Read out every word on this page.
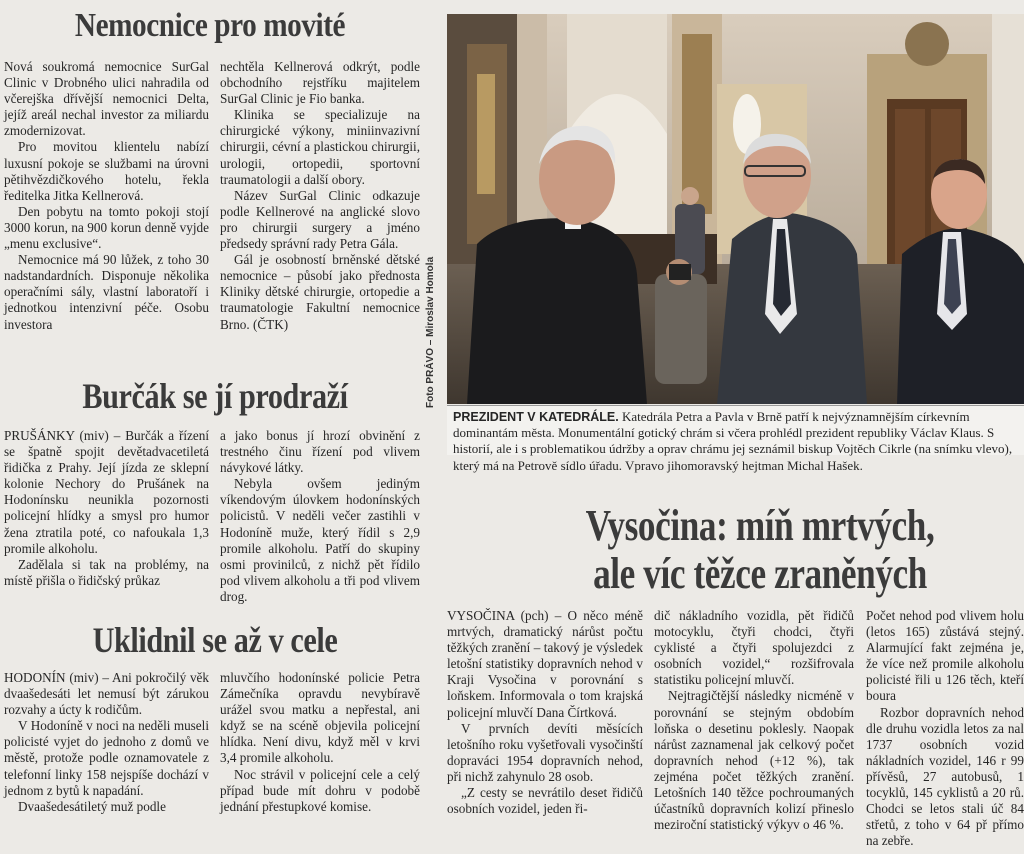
Nemocnice pro movité

Nová soukromá nemocnice SurGal Clinic v Drobného ulici nahradila od včerejška dřívější nemocnici Delta, jejíž areál nechal investor za miliardu zmodernizovat.

Pro movitou klientelu nabízí luxusní pokoje se službami na úrovni pětihvězdičkového hotelu, řekla ředitelka Jitka Kellnerová.

Den pobytu na tomto pokoji stojí 3000 korun, na 900 korun denně vyjde „menu exclusive“.

Nemocnice má 90 lůžek, z toho 30 nadstandardních. Disponuje několika operačními sály, vlastní laboratoří i jednotkou intenzivní péče. Osobu investora

nechtěla Kellnerová odkrýt, podle obchodního rejstříku majitelem SurGal Clinic je Fio banka.

Klinika se specializuje na chirurgické výkony, miniinvazivní chirurgii, cévní a plastickou chirurgii, urologii, ortopedii, sportovní traumatologii a další obory.

Název SurGal Clinic odkazuje podle Kellnerové na anglické slovo pro chirurgii surgery a jméno předsedy správní rady Petra Gála.

Gál je osobností brněnské dětské nemocnice – působí jako přednosta Kliniky dětské chirurgie, ortopedie a traumatologie Fakultní nemocnice Brno. (ČTK)

Burčák se jí prodraží

PRUŠÁNKY (miv) – Burčák a řízení se špatně spojit devětadvacetiletá řidička z Prahy. Její jízda ze sklepní kolonie Nechory do Prušánek na Hodonínsku neunikla pozornosti policejní hlídky a smysl pro humor žena ztratila poté, co nafoukala 1,3 promile alkoholu.

Zadělala si tak na problémy, na místě přišla o řidičský průkaz

a jako bonus jí hrozí obvinění z trestného činu řízení pod vlivem návykové látky.

Nebyla ovšem jediným víkendovým úlovkem hodonínských policistů. V neděli večer zastihli v Hodoníně muže, který řídil s 2,9 promile alkoholu. Patří do skupiny osmi provinilců, z nichž pět řídilo pod vlivem alkoholu a tři pod vlivem drog.

Uklidnil se až v cele

HODONÍN (miv) – Ani pokročilý věk dvaašedesáti let nemusí být zárukou rozvahy a úcty k rodičům.

V Hodoníně v noci na neděli museli policisté vyjet do jednoho z domů ve městě, protože podle oznamovatele z telefonní linky 158 nejspíše dochází v jednom z bytů k napadání.

Dvaašedesátiletý muž podle

mluvčího hodonínské policie Petra Zámečníka opravdu nevybíravě urážel svou matku a nepřestal, ani když se na scéně objevila policejní hlídka. Není divu, když měl v krvi 3,4 promile alkoholu.

Noc strávil v policejní cele a celý případ bude mít dohru v podobě jednání přestupkové komise.

Foto PRÁVO – Miroslav Homola
PREZIDENT V KATEDRÁLE. Katedrála Petra a Pavla v Brně patří k nejvýznamnějším církevním dominantám města. Monumentální gotický chrám si včera prohlédl prezident republiky Václav Klaus. S historií, ale i s problematikou údržby a oprav chrámu jej seznámil biskup Vojtěch Cikrle (na snímku vlevo), který má na Petrově sídlo úřadu. Vpravo jihomoravský hejtman Michal Hašek.
Vysočina: míň mrtvých,
ale víc těžce zraněných

VYSOČINA (pch) – O něco méně mrtvých, dramatický nárůst počtu těžkých zranění – takový je výsledek letošní statistiky dopravních nehod v Kraji Vysočina v porovnání s loňskem. Informovala o tom krajská policejní mluvčí Dana Čírtková.

V prvních devíti měsících letošního roku vyšetřovali vysočinští dopraváci 1954 dopravních nehod, při nichž zahynulo 28 osob.

„Z cesty se nevrátilo deset řidičů osobních vozidel, jeden ři-

dič nákladního vozidla, pět řidičů motocyklu, čtyři chodci, čtyři cyklisté a čtyři spolujezdci z osobních vozidel,“ rozšifrovala statistiku policejní mluvčí.

Nejtragičtější následky nicméně v porovnání se stejným obdobím loňska o desetinu poklesly. Naopak nárůst zaznamenal jak celkový počet dopravních nehod (+12 %), tak zejména počet těžkých zranění. Letošních 140 těžce pochroumaných účastníků dopravních kolizí přineslo meziroční statistický výkyv o 46 %.

Počet nehod pod vlivem holu (letos 165) zůstává stejný. Alarmující fakt zejména je, že více než promile alkoholu policisté řili u 126 těch, kteří boura

Rozbor dopravních nehod dle druhu vozidla letos za nal 1737 osobních vozid nákladních vozidel, 146 r 99 přívěsů, 27 autobusů, 1 tocyklů, 145 cyklistů a 20 rů. Chodci se letos stali úč 84 střetů, z toho v 64 př přímo na zebře.
